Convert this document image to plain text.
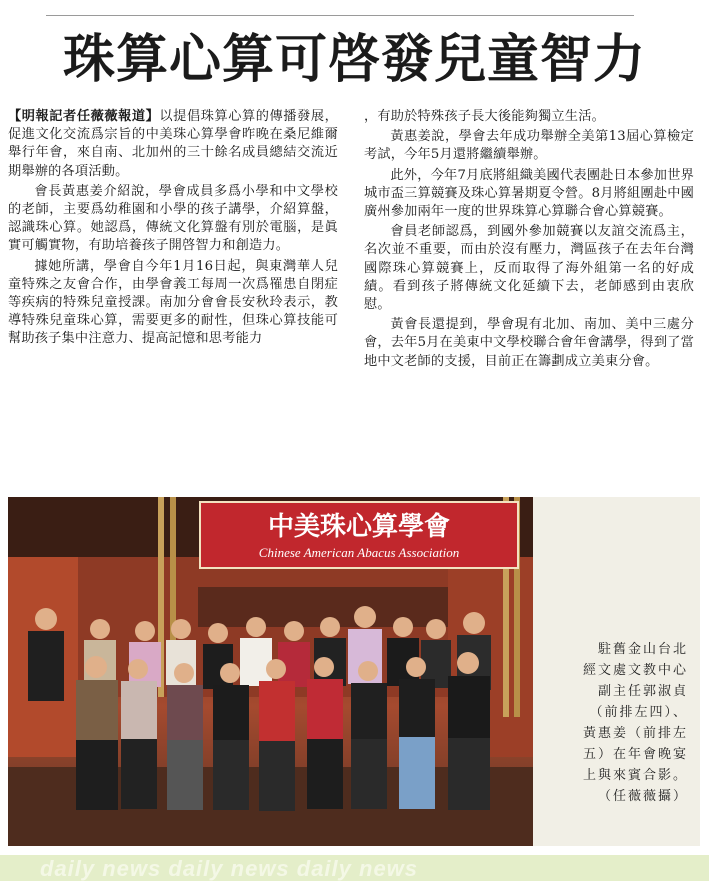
珠算心算可啓發兒童智力

【明報記者任薇薇報道】以提倡珠算心算的傳播發展，促進文化交流爲宗旨的中美珠心算學會昨晚在桑尼維爾舉行年會，來自南、北加州的三十餘名成員總結交流近期舉辦的各項活動。

會長黃惠姜介紹說，學會成員多爲小學和中文學校的老師，主要爲幼稚園和小學的孩子講學，介紹算盤，認識珠心算。她認爲，傳統文化算盤有別於電腦，是眞實可觸實物，有助培養孩子開啓智力和創造力。

據她所講，學會自今年1月16日起，與東灣華人兒童特殊之友會合作，由學會義工每周一次爲罹患自閉症等疾病的特殊兒童授課。南加分會會長安秋玲表示，教導特殊兒童珠心算，需要更多的耐性，但珠心算技能可幫助孩子集中注意力、提高記憶和思考能力

，有助於特殊孩子長大後能夠獨立生活。

黃惠姜說，學會去年成功舉辦全美第13屆心算檢定考試，今年5月還將繼續舉辦。

此外，今年7月底將組織美國代表團赴日本參加世界城市盃三算競賽及珠心算暑期夏令營。8月將組團赴中國廣州參加兩年一度的世界珠算心算聯合會心算競賽。

會員老師認爲，到國外參加競賽以友誼交流爲主，名次並不重要，而由於沒有壓力，灣區孩子在去年台灣國際珠心算競賽上，反而取得了海外組第一名的好成績。看到孩子將傳統文化延續下去，老師感到由衷欣慰。

黃會長還提到，學會現有北加、南加、美中三處分會，去年5月在美東中文學校聯合會年會講學，得到了當地中文老師的支援，目前正在籌劃成立美東分會。

中美珠心算學會
Chinese American Abacus Association
駐舊金山台北
經文處文教中心
副主任郭淑貞
（前排左四）、
黃惠姜（前排左
五）在年會晚宴
上與來賓合影。
（任薇薇攝）
daily news daily news daily news
